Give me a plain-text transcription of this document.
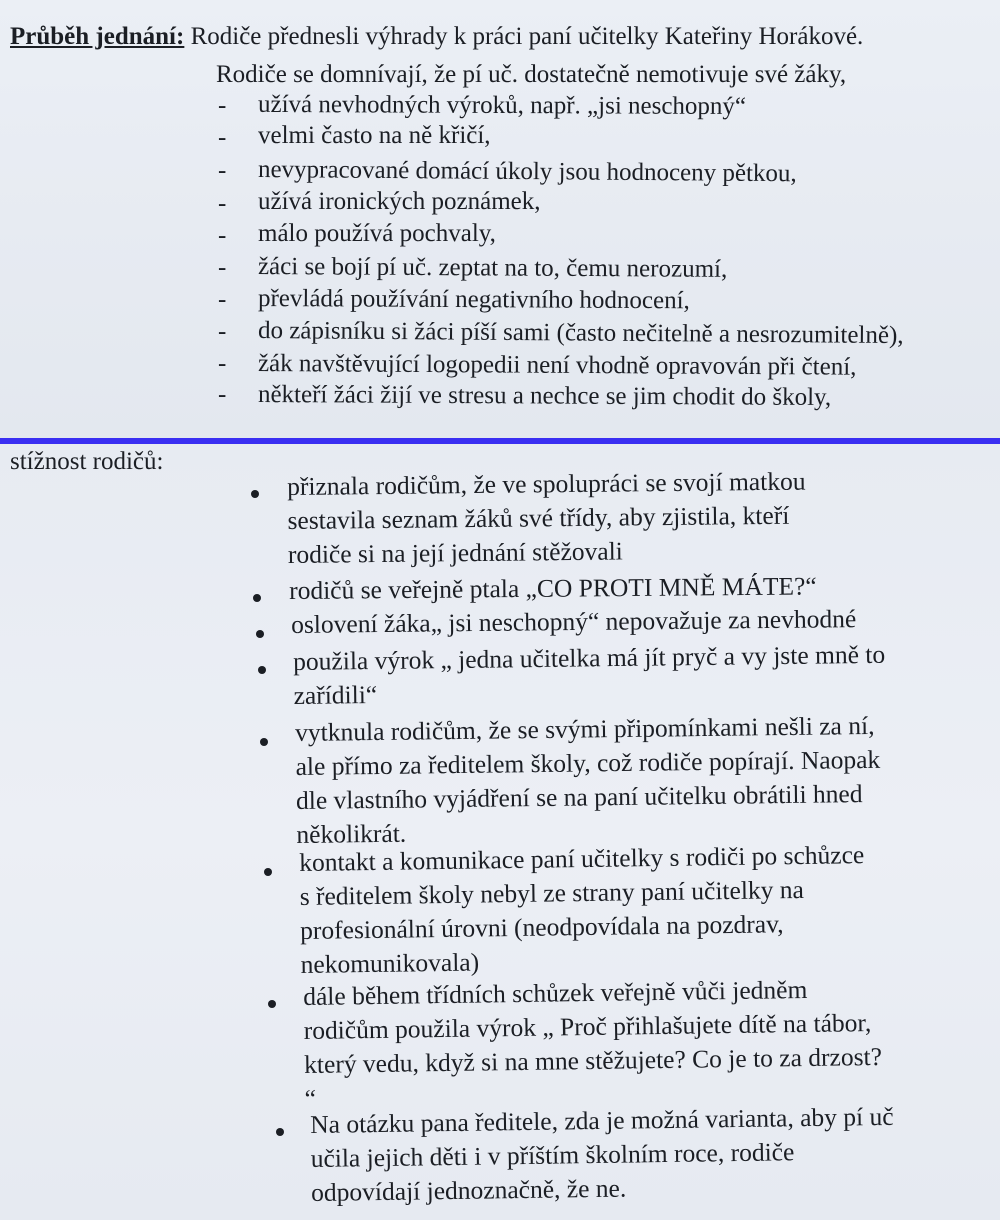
Průběh jednání: Rodiče přednesli výhrady k práci paní učitelky Kateřiny Horákové.
Rodiče se domnívají, že pí uč. dostatečně nemotivuje své žáky,
- užívá nevhodných výroků, např. „jsi neschopný“
- velmi často na ně křičí,
- nevypracované domácí úkoly jsou hodnoceny pětkou,
- užívá ironických poznámek,
- málo používá pochvaly,
- žáci se bojí pí uč. zeptat na to, čemu nerozumí,
- převládá používání negativního hodnocení,
- do zápisníku si žáci píší sami (často nečitelně a nesrozumitelně),
- žák navštěvující logopedii není vhodně opravován při čtení,
- někteří žáci žijí ve stresu a nechce se jim chodit do školy,
stížnost rodičů:
přiznala rodičům, že ve spolupráci se svojí matkou
sestavila seznam žáků své třídy, aby zjistila, kteří
rodiče si na její jednání stěžovali
rodičů se veřejně ptala „CO PROTI MNĚ MÁTE?“
oslovení žáka„ jsi neschopný“ nepovažuje za nevhodné
použila výrok „ jedna učitelka má jít pryč a vy jste mně to
zařídili“
vytknula rodičům, že se svými připomínkami nešli za ní,
ale přímo za ředitelem školy, což rodiče popírají. Naopak
dle vlastního vyjádření se na paní učitelku obrátili hned
několikrát.
kontakt a komunikace paní učitelky s rodiči po schůzce
s ředitelem školy nebyl ze strany paní učitelky na
profesionální úrovni (neodpovídala na pozdrav,
nekomunikovala)
dále během třídních schůzek veřejně vůči jedněm
rodičům použila výrok „ Proč přihlašujete dítě na tábor,
který vedu, když si na mne stěžujete? Co je to za drzost?
“
Na otázku pana ředitele, zda je možná varianta, aby pí uč
učila jejich děti i v příštím školním roce, rodiče
odpovídají jednoznačně, že ne.
